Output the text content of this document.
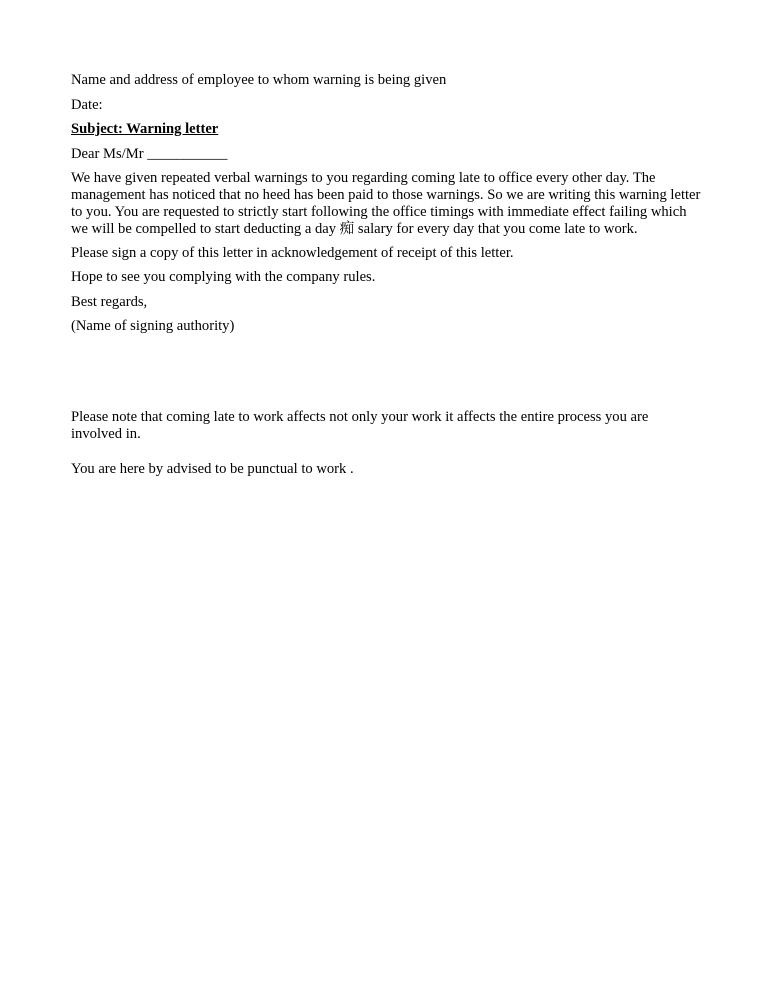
Name and address of employee to whom warning is being given
Date:
Subject: Warning letter
Dear Ms/Mr ___________
We have given repeated verbal warnings to you regarding coming late to office every other day. The management has noticed that no heed has been paid to those warnings. So we are writing this warning letter to you. You are requested to strictly start following the office timings with immediate effect failing which we will be compelled to start deducting a day 痴 salary for every day that you come late to work.
Please sign a copy of this letter in acknowledgement of receipt of this letter.
Hope to see you complying with the company rules.
Best regards,
(Name of signing authority)
Please note that coming late to work affects not only your work it affects the entire process you are involved in.
You are here by advised to be punctual to work .
